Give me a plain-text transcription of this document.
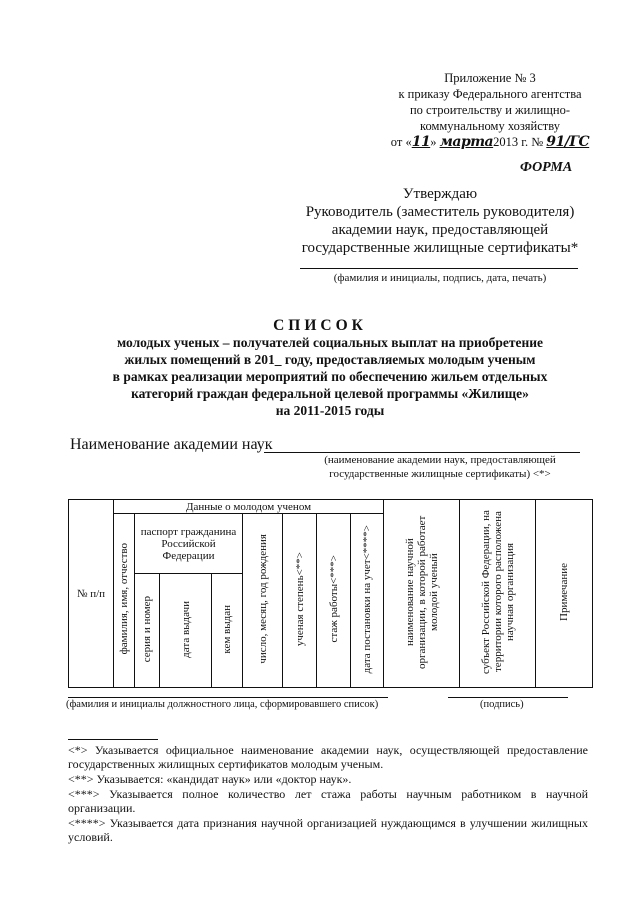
Приложение № 3
к приказу Федерального агентства
по строительству и жилищно-
коммунальному хозяйству
от «11» марта2013 г. № 91/ГС
ФОРМА
Утверждаю
Руководитель (заместитель руководителя)
академии наук, предоставляющей
государственные жилищные сертификаты*
(фамилия и инициалы, подпись, дата, печать)
СПИСОК
молодых ученых – получателей социальных выплат на приобретение
жилых помещений в 201_ году, предоставляемых молодым ученым
в рамках реализации мероприятий по обеспечению жильем отдельных
категорий граждан федеральной целевой программы «Жилище»
на 2011-2015 годы
Наименование академии наук
(наименование академии наук, предоставляющей
государственные жилищные сертификаты) <*>
№ п/п	Данные о молодом ученом								наименование научной организации, в которой работает молодой ученый	субъект Российской Федерации, на территории которого расположена научная организация	Примечание
	фамилия, имя, отчество	паспорт гражданина Российской Федерации			число, месяц, год рождения	ученая степень<**>	стаж работы<***>	дата постановки на учет<****>			
		серия и номер	дата выдачи	кем выдан							
(фамилия и инициалы должностного лица, сформировавшего список)	(подпись)
<*> Указывается официальное наименование академии наук, осуществляющей предоставление государственных жилищных сертификатов молодым ученым.
<**> Указывается: «кандидат наук» или «доктор наук».
<***> Указывается полное количество лет стажа работы научным работником в научной организации.
<****> Указывается дата признания научной организацией нуждающимся в улучшении жилищных условий.
